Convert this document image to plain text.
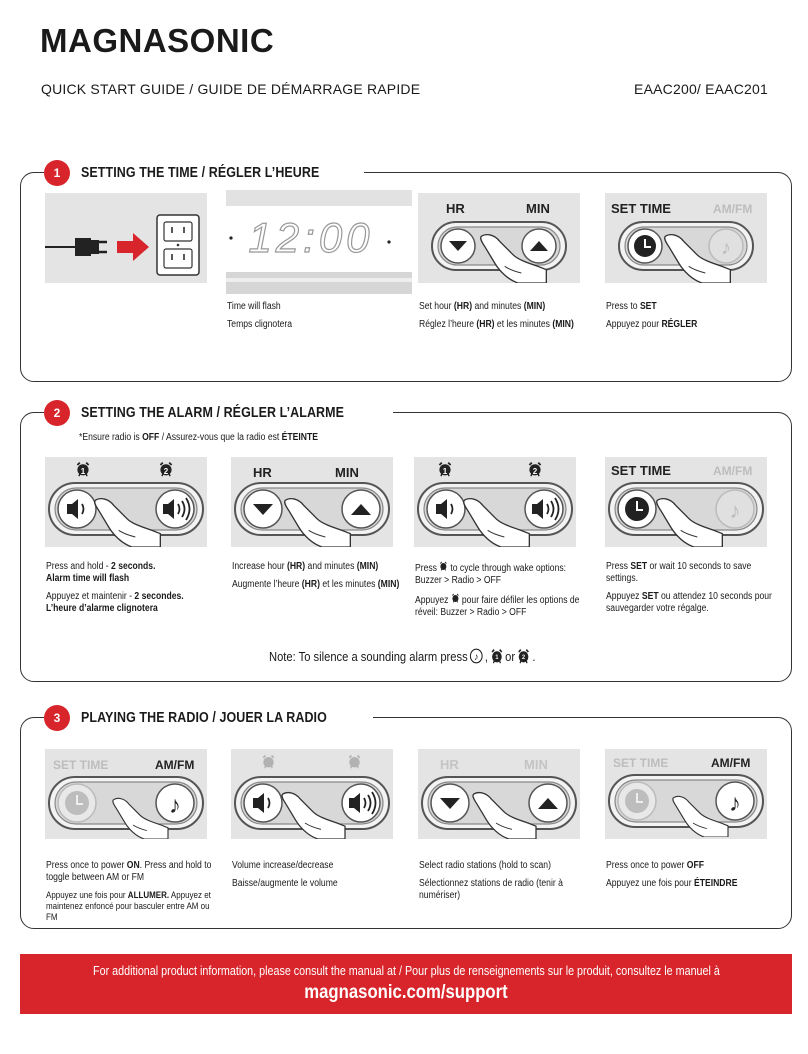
MAGNASONIC
QUICK START GUIDE / GUIDE DE DÉMARRAGE RAPIDE	EAAC200/ EAAC201
1	SETTING THE TIME / RÉGLER L’HEURE
12:00

Time will flash

Temps clignotera

HR	MIN

Set hour (HR) and minutes (MIN)

Réglez l’heure (HR) et les minutes (MIN)

SET TIME	AM/FM
♪

Press to SET

Appuyez pour RÉGLER

2	SETTING THE ALARM / RÉGLER L’ALARME
*Ensure radio is OFF / Assurez-vous que la radio est ÉTEINTE
1	2

Press and hold - 2 seconds.
Alarm time will flash

Appuyez et maintenir - 2 secondes.
L’heure d’alarme clignotera

HR	MIN

Increase hour (HR) and minutes (MIN)

Augmente l’heure (HR) et les minutes (MIN)

1	2

Press  to cycle through wake options: Buzzer > Radio > OFF

Appuyez  pour faire défiler les options de réveil: Buzzer > Radio > OFF

SET TIME	AM/FM
♪

Press SET or wait 10 seconds to save settings.

Appuyez SET ou attendez 10 seconds pour sauvegarder votre régalge.

Note: To silence a sounding alarm press ♪ , 1 or 2 .
3	PLAYING THE RADIO / JOUER LA RADIO
SET TIME	AM/FM
♪

Press once to power ON. Press and hold to toggle between AM or FM

Appuyez une fois pour ALLUMER. Appuyez et maintenez enfoncé pour basculer entre AM ou FM

Volume increase/decrease

Baisse/augmente le volume

HR	MIN

Select radio stations (hold to scan)

Sélectionnez stations de radio (tenir à numériser)

SET TIME	AM/FM
♪

Press once to power OFF

Appuyez une fois pour ÉTEINDRE

For additional product information, please consult the manual at / Pour plus de renseignements sur le produit, consultez le manuel à
magnasonic.com/support
